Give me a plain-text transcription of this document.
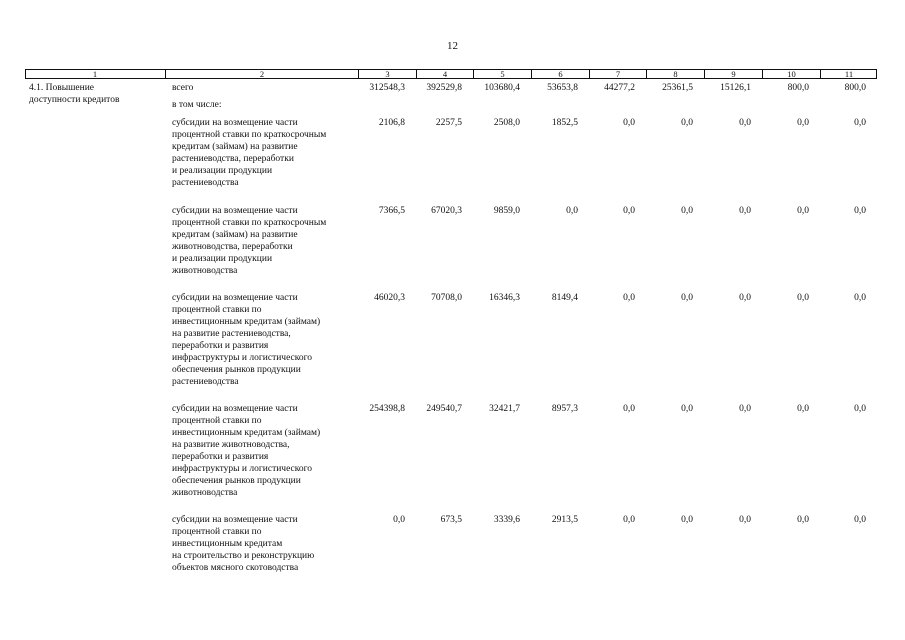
12
1	2	3	4	5	6	7	8	9	10	11
4.1. Повышение
доступности кредитов
всего	312548,3	392529,8	103680,4	53653,8	44277,2	25361,5	15126,1	800,0	800,0
в том числе:
субсидии на возмещение части
процентной ставки по краткосрочным
кредитам (займам) на развитие
растениеводства, переработки
и реализации продукции
растениеводства
2106,8	2257,5	2508,0	1852,5	0,0	0,0	0,0	0,0	0,0
субсидии на возмещение части
процентной ставки по краткосрочным
кредитам (займам) на развитие
животноводства, переработки
и реализации продукции
животноводства
7366,5	67020,3	9859,0	0,0	0,0	0,0	0,0	0,0	0,0
субсидии на возмещение части
процентной ставки по
инвестиционным кредитам (займам)
на развитие растениеводства,
переработки и развития
инфраструктуры и логистического
обеспечения рынков продукции
растениеводства
46020,3	70708,0	16346,3	8149,4	0,0	0,0	0,0	0,0	0,0
субсидии на возмещение части
процентной ставки по
инвестиционным кредитам (займам)
на развитие животноводства,
переработки и развития
инфраструктуры и логистического
обеспечения рынков продукции
животноводства
254398,8	249540,7	32421,7	8957,3	0,0	0,0	0,0	0,0	0,0
субсидии на возмещение части
процентной ставки по
инвестиционным кредитам
на строительство и реконструкцию
объектов мясного скотоводства
0,0	673,5	3339,6	2913,5	0,0	0,0	0,0	0,0	0,0
